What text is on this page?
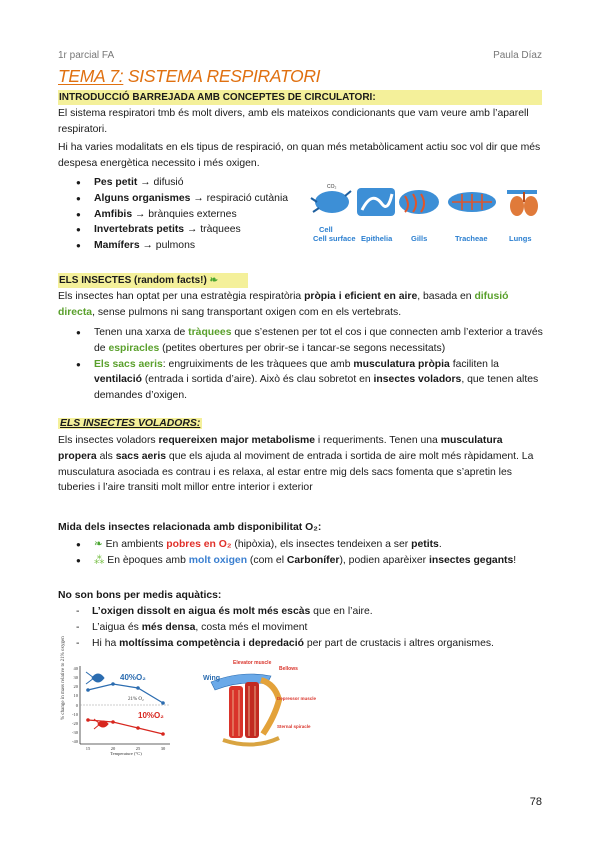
1r parcial FA	Paula Díaz
TEMA 7: SISTEMA RESPIRATORI
INTRODUCCIÓ BARREJADA AMB CONCEPTES DE CIRCULATORI:
El sistema respiratori tmb és molt divers, amb els mateixos condicionants que vam veure amb l’aparell respiratori.
Hi ha varies modalitats en els tipus de respiració, on quan més metabòlicament actiu soc vol dir que més despesa energètica necessito i més oxigen.
● Pes petit → difusió
● Alguns organismes → respiració cutània
● Amfibis → brànquies externes
● Invertebrats petits → tràquees
● Mamífers → pulmons
CO₂
Cell
Cell surface Epithelia Gills	Tracheae	Lungs
ELS INSECTES (random facts!) ❧
Els insectes han optat per una estratègia respiratòria pròpia i eficient en aire, basada en difusió directa, sense pulmons ni sang transportant oxigen com en els vertebrats.
● Tenen una xarxa de tràquees que s’estenen per tot el cos i que connecten amb l’exterior a través de espiracles (petites obertures per obrir-se i tancar-se segons necessitats)
● Els sacs aeris: engruiximents de les tràquees que amb musculatura pròpia faciliten la ventilació (entrada i sortida d’aire). Això és clau sobretot en insectes voladors, que tenen altes demandes d’oxigen.
ELS INSECTES VOLADORS:
Els insectes voladors requereixen major metabolisme i requeriments. Tenen una musculatura propera als sacs aeris que els ajuda al moviment de entrada i sortida de aire molt més ràpidament. La musculatura asociada es contrau i es relaxa, al estar entre mig dels sacs fomenta que s’apretin les tuberies i l’aire transiti molt millor entre interior i exterior
Mida dels insectes relacionada amb disponibilitat O₂:
● ❧ En ambients pobres en O₂ (hipòxia), els insectes tendeixen a ser petits.
● ⁂ En èpoques amb molt oxigen (com el Carbonífer), podien aparèixer insectes gegants!
No son bons per medis aquàtics:
- L’oxigen dissolt en aigua és molt més escàs que en l’aire.
- L’aigua és més densa, costa més el moviment
- Hi ha moltíssima competència i depredació per part de crustacis i altres organismes.
% change in mass relative to 21% oxygen 40
30
20
10
0
-10
-20
-30
-40
15	20	25	30
Temperature (°C)
40%O₂
21% O₂
10%O₂
Elevator muscle
Bellows
Wing
Depressor muscle
Sternal spiracle
78
